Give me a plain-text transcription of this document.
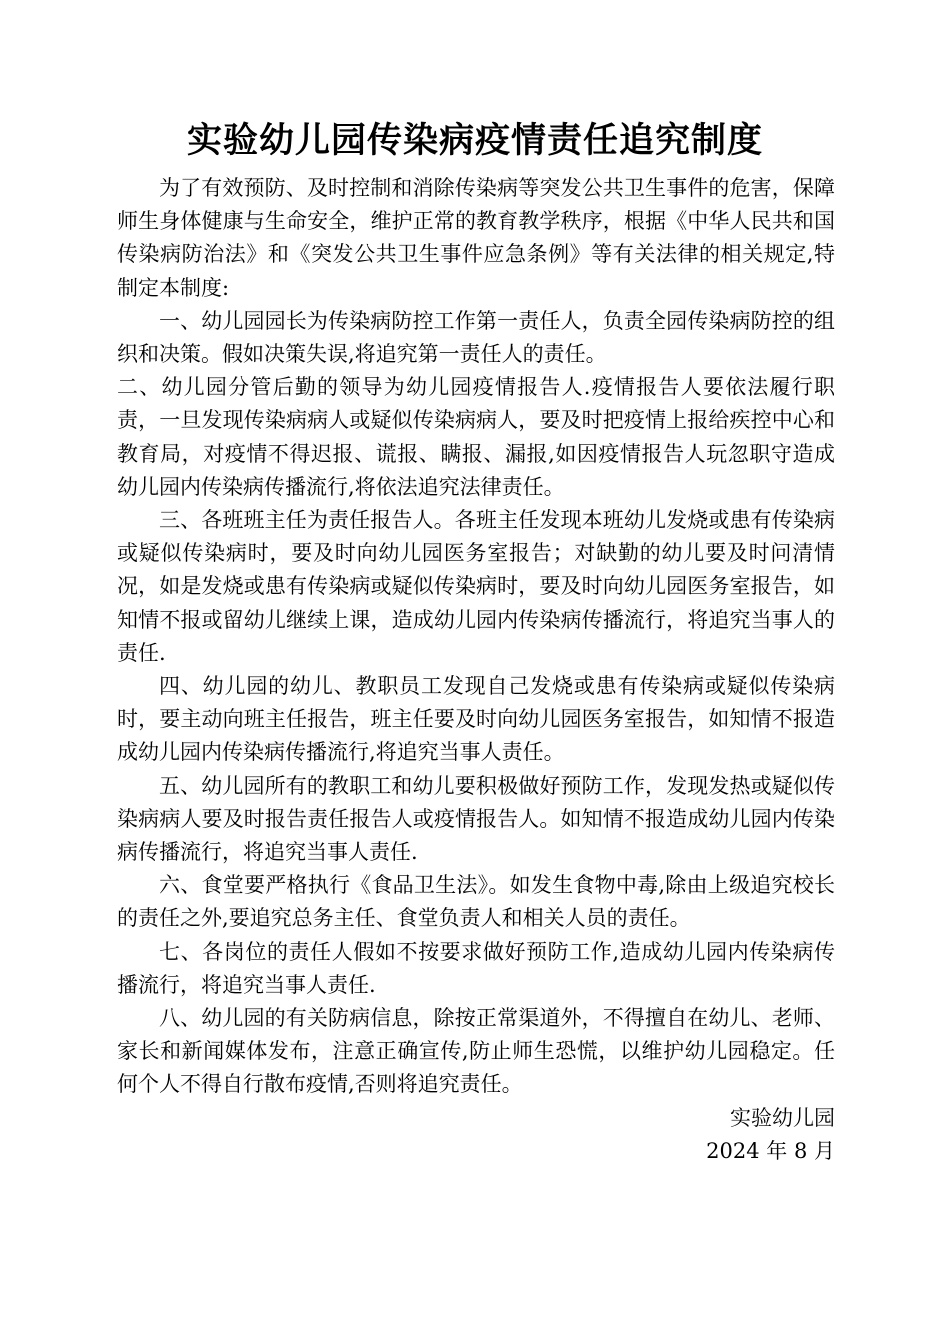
实验幼儿园传染病疫情责任追究制度

为了有效预防、及时控制和消除传染病等突发公共卫生事件的危害，保障师生身体健康与生命安全，维护正常的教育教学秩序，根据《中华人民共和国传染病防治法》和《突发公共卫生事件应急条例》等有关法律的相关规定,特制定本制度:

一、幼儿园园长为传染病防控工作第一责任人，负责全园传染病防控的组织和决策。假如决策失误,将追究第一责任人的责任。

二、幼儿园分管后勤的领导为幼儿园疫情报告人.疫情报告人要依法履行职责，一旦发现传染病病人或疑似传染病病人，要及时把疫情上报给疾控中心和教育局，对疫情不得迟报、谎报、瞒报、漏报,如因疫情报告人玩忽职守造成幼儿园内传染病传播流行,将依法追究法律责任。

三、各班班主任为责任报告人。各班主任发现本班幼儿发烧或患有传染病或疑似传染病时，要及时向幼儿园医务室报告；对缺勤的幼儿要及时问清情况，如是发烧或患有传染病或疑似传染病时，要及时向幼儿园医务室报告，如知情不报或留幼儿继续上课，造成幼儿园内传染病传播流行，将追究当事人的责任.

四、幼儿园的幼儿、教职员工发现自己发烧或患有传染病或疑似传染病时，要主动向班主任报告，班主任要及时向幼儿园医务室报告，如知情不报造成幼儿园内传染病传播流行,将追究当事人责任。

五、幼儿园所有的教职工和幼儿要积极做好预防工作，发现发热或疑似传染病病人要及时报告责任报告人或疫情报告人。如知情不报造成幼儿园内传染病传播流行，将追究当事人责任.

六、食堂要严格执行《食品卫生法》。如发生食物中毒,除由上级追究校长的责任之外,要追究总务主任、食堂负责人和相关人员的责任。

七、各岗位的责任人假如不按要求做好预防工作,造成幼儿园内传染病传播流行，将追究当事人责任.

八、幼儿园的有关防病信息，除按正常渠道外，不得擅自在幼儿、老师、家长和新闻媒体发布，注意正确宣传,防止师生恐慌，以维护幼儿园稳定。任何个人不得自行散布疫情,否则将追究责任。

实验幼儿园

2024 年 8 月
